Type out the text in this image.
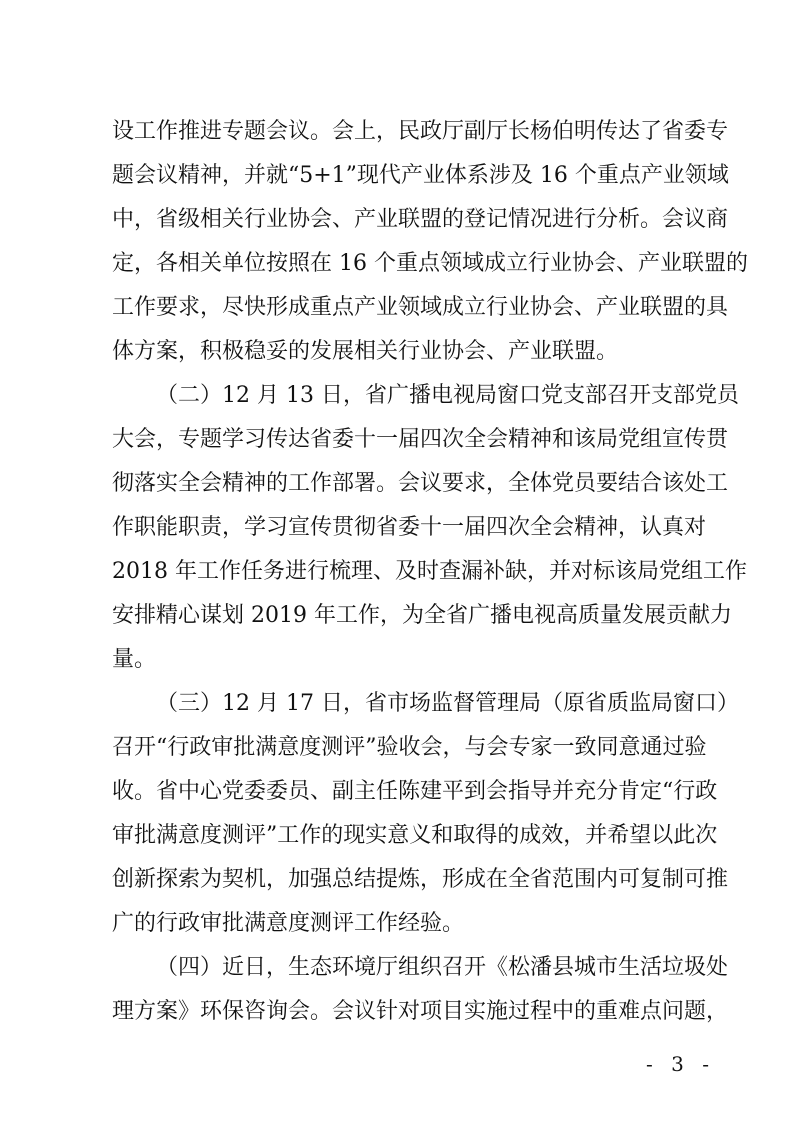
设工作推进专题会议。会上，民政厅副厅长杨伯明传达了省委专
题会议精神，并就“5+1”现代产业体系涉及 16 个重点产业领域
中，省级相关行业协会、产业联盟的登记情况进行分析。会议商
定，各相关单位按照在 16 个重点领域成立行业协会、产业联盟的
工作要求，尽快形成重点产业领域成立行业协会、产业联盟的具
体方案，积极稳妥的发展相关行业协会、产业联盟。
（二）12 月 13 日，省广播电视局窗口党支部召开支部党员
大会，专题学习传达省委十一届四次全会精神和该局党组宣传贯
彻落实全会精神的工作部署。会议要求，全体党员要结合该处工
作职能职责，学习宣传贯彻省委十一届四次全会精神，认真对
2018 年工作任务进行梳理、及时查漏补缺，并对标该局党组工作
安排精心谋划 2019 年工作，为全省广播电视高质量发展贡献力
量。
（三）12 月 17 日，省市场监督管理局（原省质监局窗口）
召开“行政审批满意度测评”验收会，与会专家一致同意通过验
收。省中心党委委员、副主任陈建平到会指导并充分肯定“行政
审批满意度测评”工作的现实意义和取得的成效，并希望以此次
创新探索为契机，加强总结提炼，形成在全省范围内可复制可推
广的行政审批满意度测评工作经验。
（四）近日，生态环境厅组织召开《松潘县城市生活垃圾处
理方案》环保咨询会。会议针对项目实施过程中的重难点问题，
- 3 -
